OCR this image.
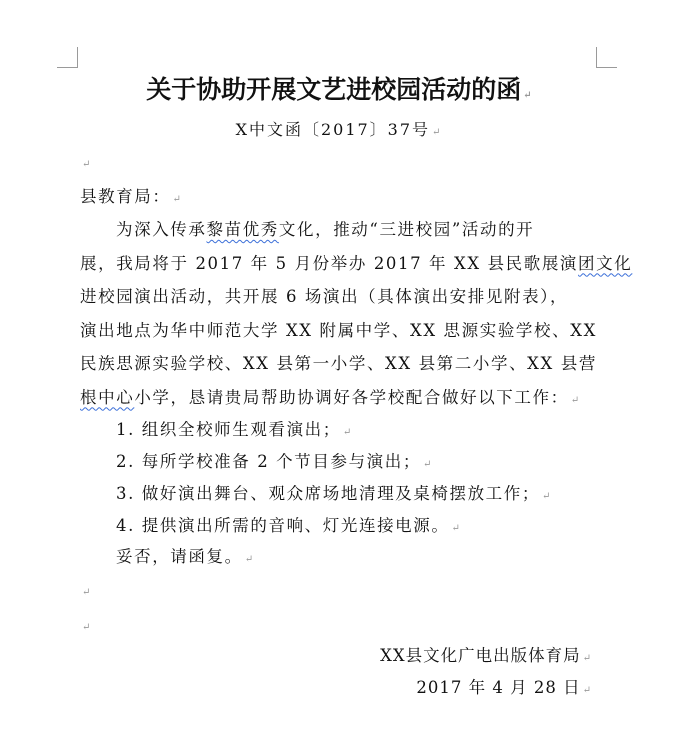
关于协助开展文艺进校园活动的函 ↵
X中文函〔2017〕37号 ↵
↵
县教育局： ↵
为深入传承黎苗优秀文化，推动“三进校园”活动的开
展，我局将于 2017 年 5 月份举办 2017 年 XX 县民歌展演团文化
进校园演出活动，共开展 6 场演出（具体演出安排见附表），
演出地点为华中师范大学 XX 附属中学、XX 思源实验学校、XX
民族思源实验学校、XX 县第一小学、XX 县第二小学、XX 县营
根中心小学，恳请贵局帮助协调好各学校配合做好以下工作： ↵
1. 组织全校师生观看演出； ↵
2. 每所学校准备 2 个节目参与演出； ↵
3. 做好演出舞台、观众席场地清理及桌椅摆放工作； ↵
4. 提供演出所需的音响、灯光连接电源。 ↵
妥否，请函复。 ↵
↵
↵
XX县文化广电出版体育局 ↵
2017 年 4 月 28 日 ↵
